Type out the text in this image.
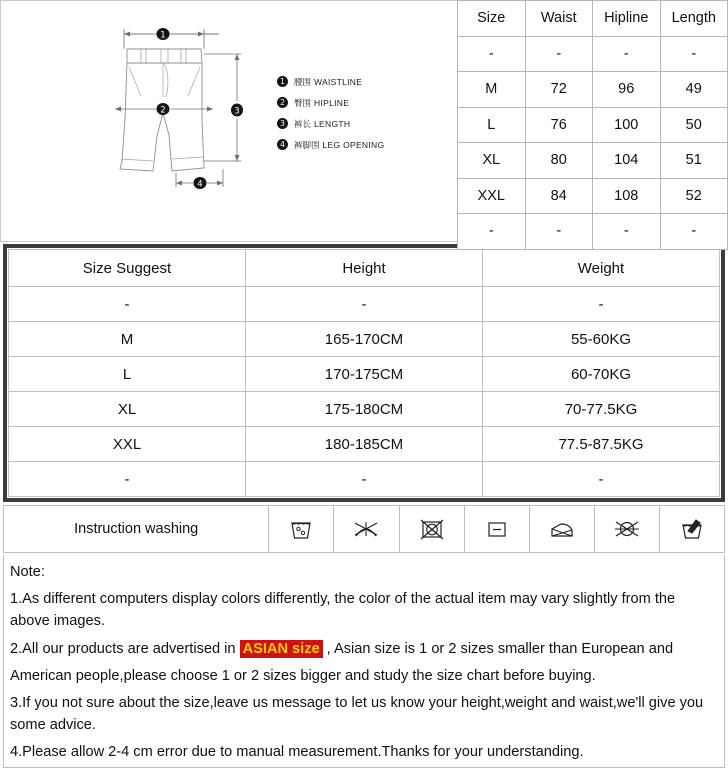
1
2	3
4
1	腰围 WAISTLINE
2	臀围 HIPLINE
3	裤长 LENGTH
4	裤脚围 LEG OPENING
Size	Waist	Hipline	Length
-	-	-	-
M	72	96	49
L	76	100	50
XL	80	104	51
XXL	84	108	52
-	-	-	-
Size Suggest	Height	Weight
-	-	-
M	165-170CM	55-60KG
L	170-175CM	60-70KG
XL	175-180CM	70-77.5KG
XXL	180-185CM	77.5-87.5KG
-	-	-
Instruction washing	

Note:

1.As different computers display colors differently, the color of the actual item may vary slightly from the above images.

2.All our products are advertised in ASIAN size , Asian size is 1 or 2 sizes smaller than European and

American people,please choose 1 or 2 sizes bigger and study the size chart before buying.

3.If you not sure about the size,leave us message to let us know your height,weight and waist,we'll give you some advice.

4.Please allow 2-4 cm error due to manual measurement.Thanks for your understanding.
